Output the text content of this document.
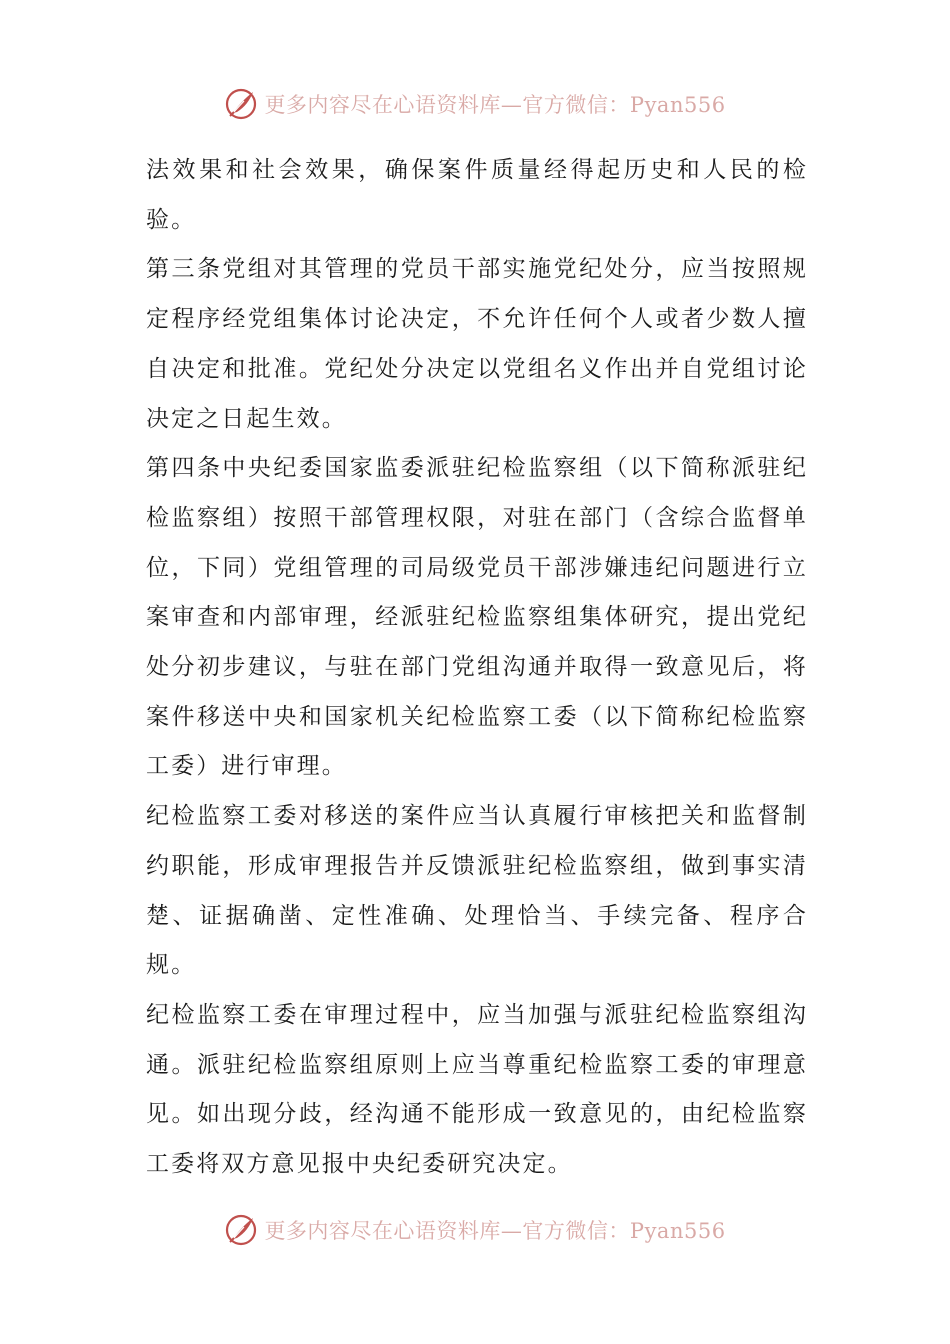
更多内容尽在心语资料库—官方微信：Pyan556

法效果和社会效果，确保案件质量经得起历史和人民的检验。

第三条党组对其管理的党员干部实施党纪处分，应当按照规定程序经党组集体讨论决定，不允许任何个人或者少数人擅自决定和批准。党纪处分决定以党组名义作出并自党组讨论决定之日起生效。

第四条中央纪委国家监委派驻纪检监察组（以下简称派驻纪检监察组）按照干部管理权限，对驻在部门（含综合监督单位，下同）党组管理的司局级党员干部涉嫌违纪问题进行立案审查和内部审理，经派驻纪检监察组集体研究，提出党纪处分初步建议，与驻在部门党组沟通并取得一致意见后，将案件移送中央和国家机关纪检监察工委（以下简称纪检监察工委）进行审理。

纪检监察工委对移送的案件应当认真履行审核把关和监督制约职能，形成审理报告并反馈派驻纪检监察组，做到事实清楚、证据确凿、定性准确、处理恰当、手续完备、程序合规。

纪检监察工委在审理过程中，应当加强与派驻纪检监察组沟通。派驻纪检监察组原则上应当尊重纪检监察工委的审理意见。如出现分歧，经沟通不能形成一致意见的，由纪检监察工委将双方意见报中央纪委研究决定。

更多内容尽在心语资料库—官方微信：Pyan556
